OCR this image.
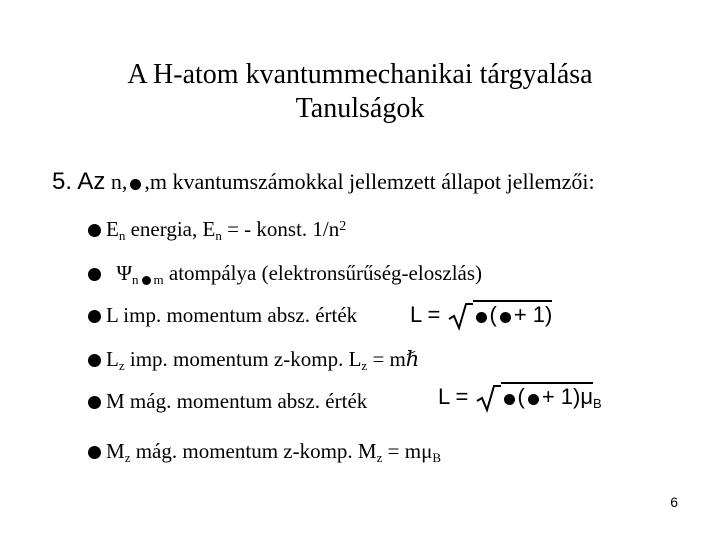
A H-atom kvantummechanikai tárgyalása
Tanulságok
5. Az n, ,m kvantumszámokkal jellemzett állapot jellemzői:
$E_n$ energia, $E_n$ = - konst. $1/n^2$
$\Psi_n$ $_m$ atompálya (elektronsűrűség-eloszlás)
L imp. momentum absz. érték L = ( + 1)
$L_z$ imp. momentum z-komp. $L_z$ = mℏ
M mág. momentum absz. érték	L = ( + $1)\mu_B$
$M_z$ mág. momentum z-komp. $M_z = m\mu_B$
6
